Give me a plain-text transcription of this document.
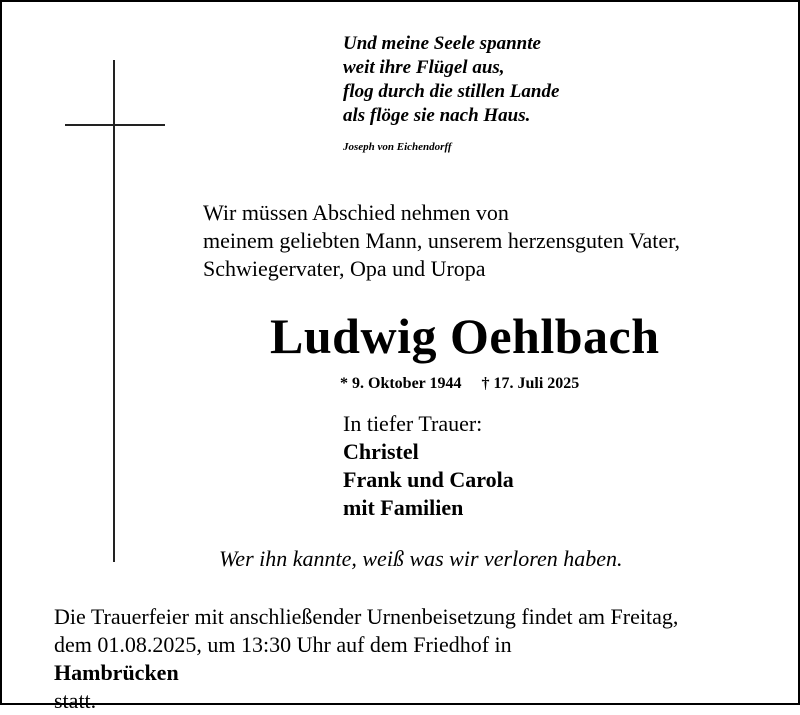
Und meine Seele spannte
weit ihre Flügel aus,
flog durch die stillen Lande
als flöge sie nach Haus.
Joseph von Eichendorff
Wir müssen Abschied nehmen von
meinem geliebten Mann, unserem herzensguten Vater,
Schwiegervater, Opa und Uropa
Ludwig Oehlbach
* 9. Oktober 1944 † 17. Juli 2025
In tiefer Trauer:
Christel
Frank und Carola
mit Familien
Wer ihn kannte, weiß was wir verloren haben.
Die Trauerfeier mit anschließender Urnenbeisetzung findet am Freitag,
dem 01.08.2025, um 13:30 Uhr auf dem Friedhof in
Hambrücken
statt.
